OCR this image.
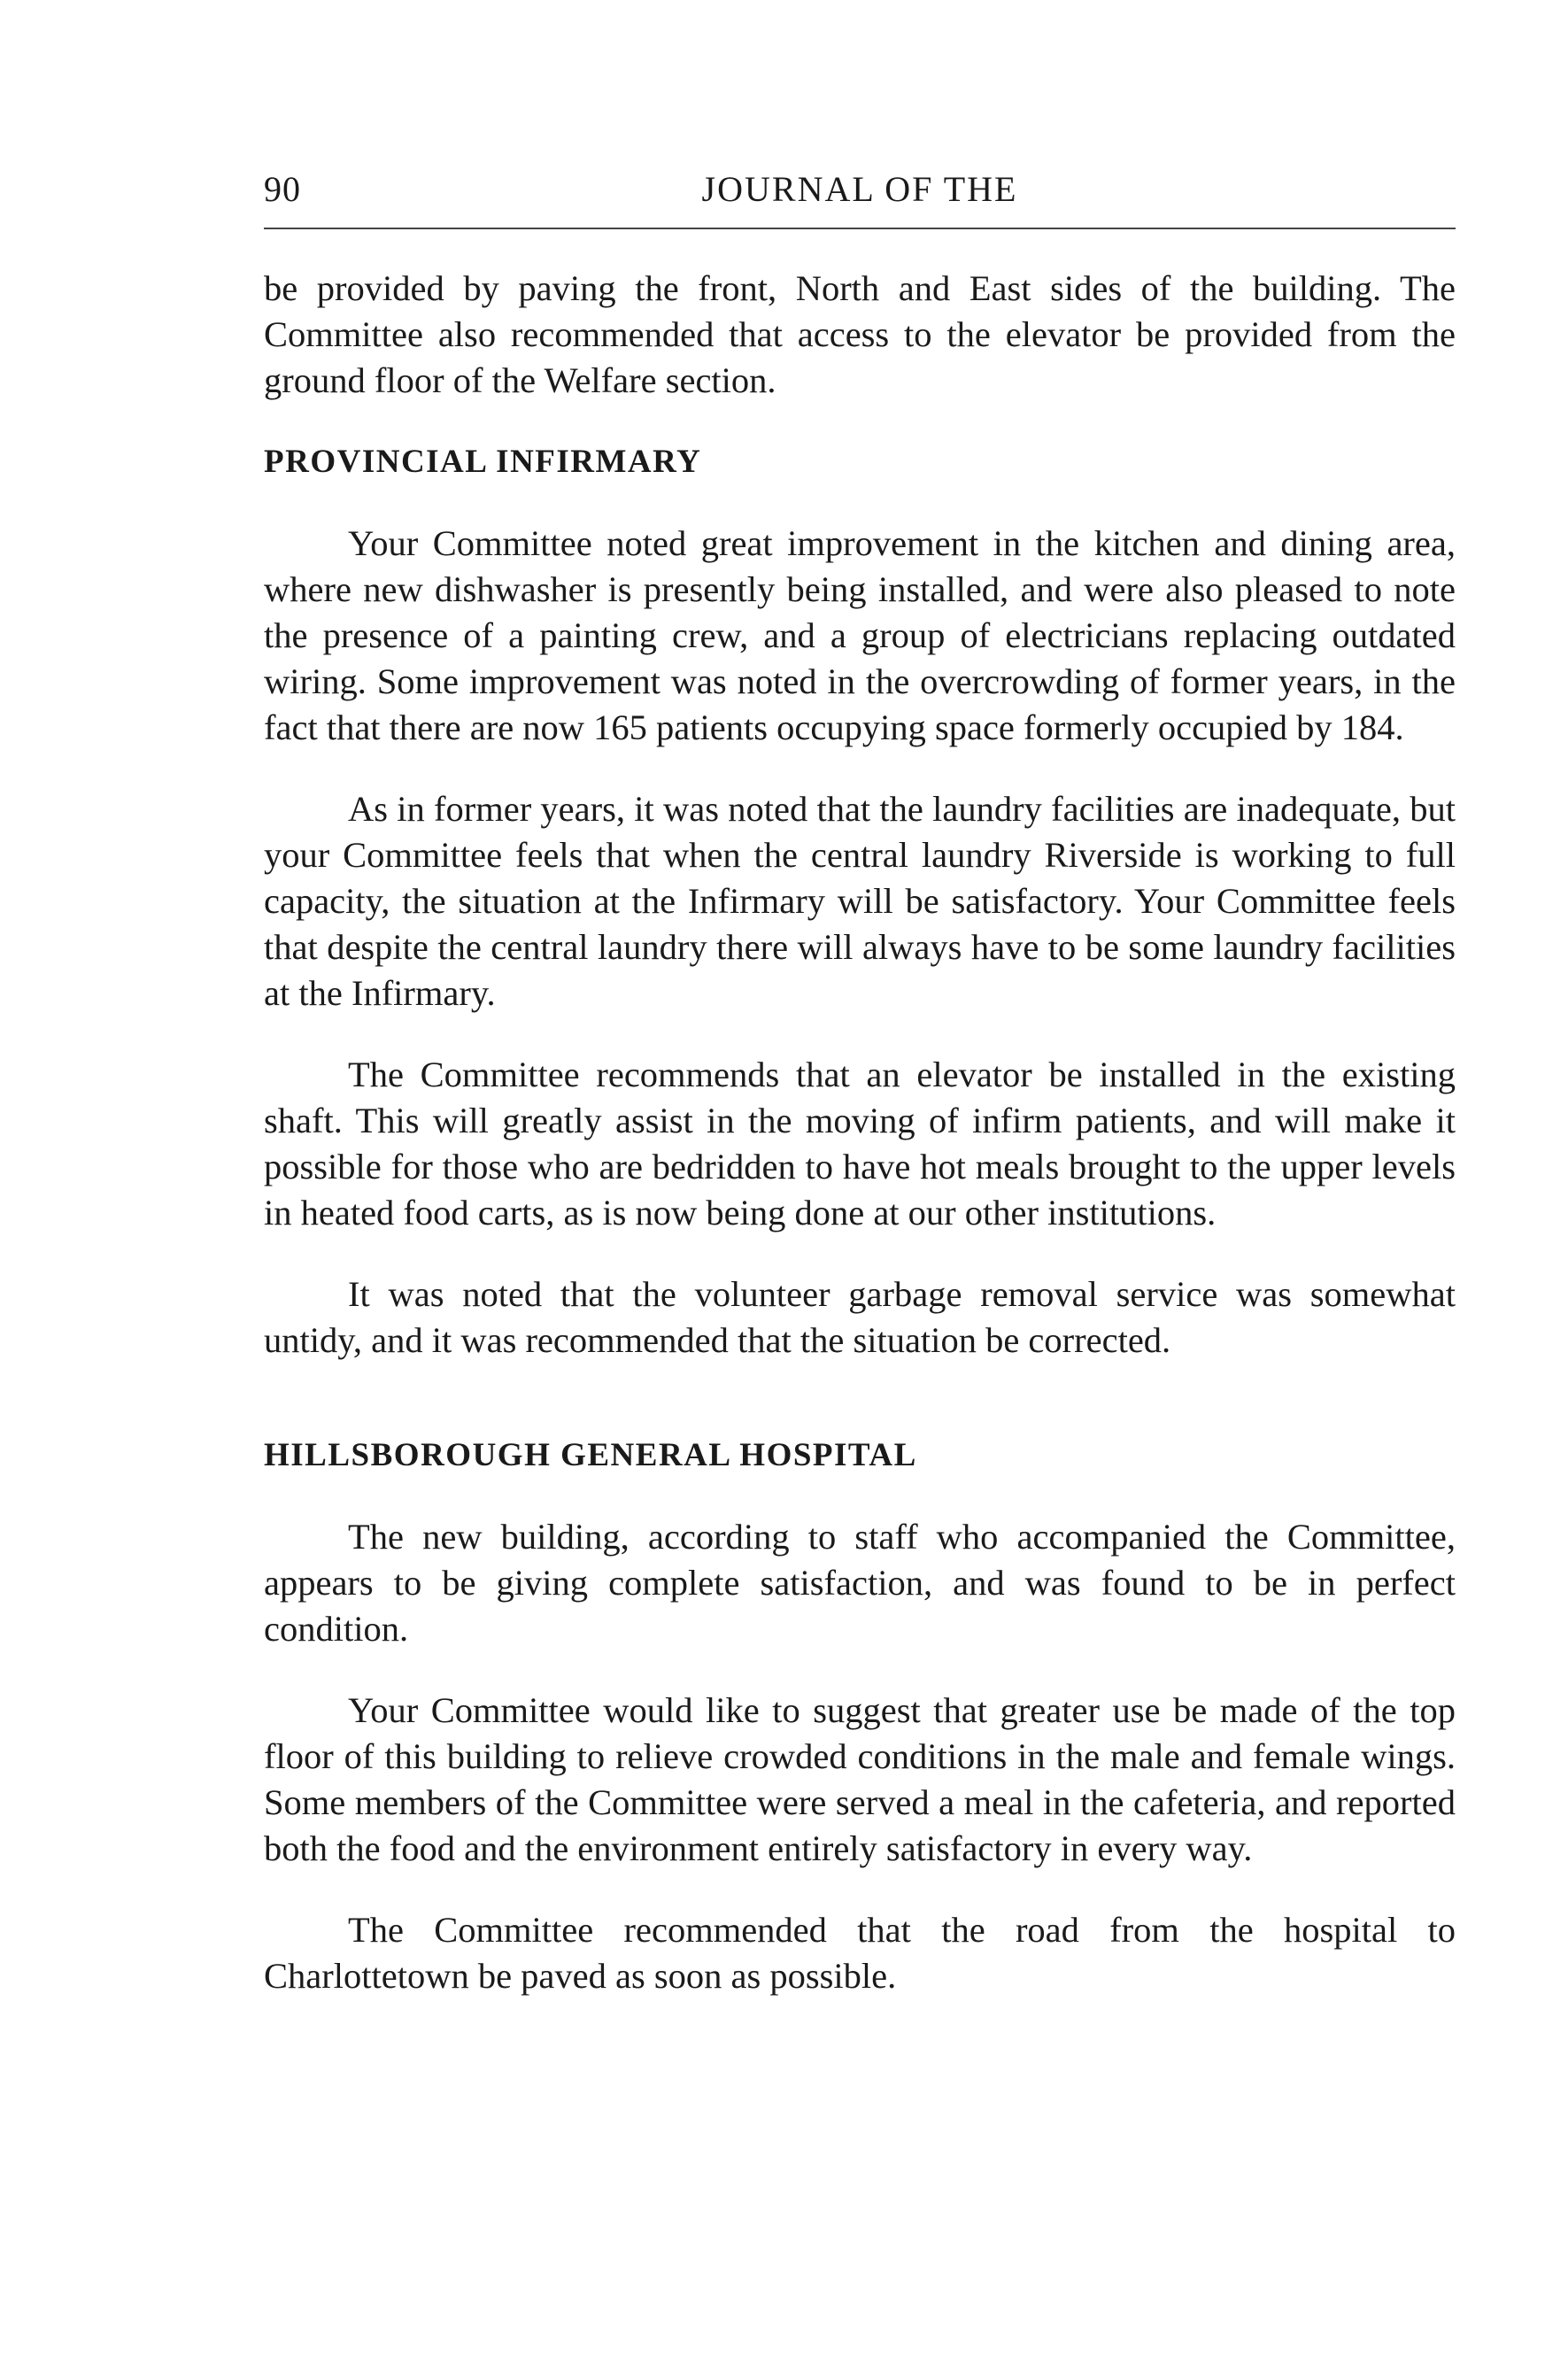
90	JOURNAL OF THE

be provided by paving the front, North and East sides of the building. The Committee also recommended that access to the elevator be provided from the ground floor of the Welfare section.

PROVINCIAL INFIRMARY

Your Committee noted great improvement in the kitchen and dining area, where new dishwasher is presently being installed, and were also pleased to note the presence of a painting crew, and a group of electricians replacing outdated wiring. Some improvement was noted in the overcrowding of former years, in the fact that there are now 165 patients occupying space formerly occupied by 184.

As in former years, it was noted that the laundry facilities are inadequate, but your Committee feels that when the central laundry Riverside is working to full capacity, the situation at the Infirmary will be satisfactory. Your Committee feels that despite the central laundry there will always have to be some laundry facilities at the Infirmary.

The Committee recommends that an elevator be installed in the existing shaft. This will greatly assist in the moving of infirm patients, and will make it possible for those who are bedridden to have hot meals brought to the upper levels in heated food carts, as is now being done at our other institutions.

It was noted that the volunteer garbage removal service was somewhat untidy, and it was recommended that the situation be corrected.

HILLSBOROUGH GENERAL HOSPITAL

The new building, according to staff who accompanied the Committee, appears to be giving complete satisfaction, and was found to be in perfect condition.

Your Committee would like to suggest that greater use be made of the top floor of this building to relieve crowded conditions in the male and female wings. Some members of the Committee were served a meal in the cafeteria, and reported both the food and the environment entirely satisfactory in every way.

The Committee recommended that the road from the hospital to Charlottetown be paved as soon as possible.
